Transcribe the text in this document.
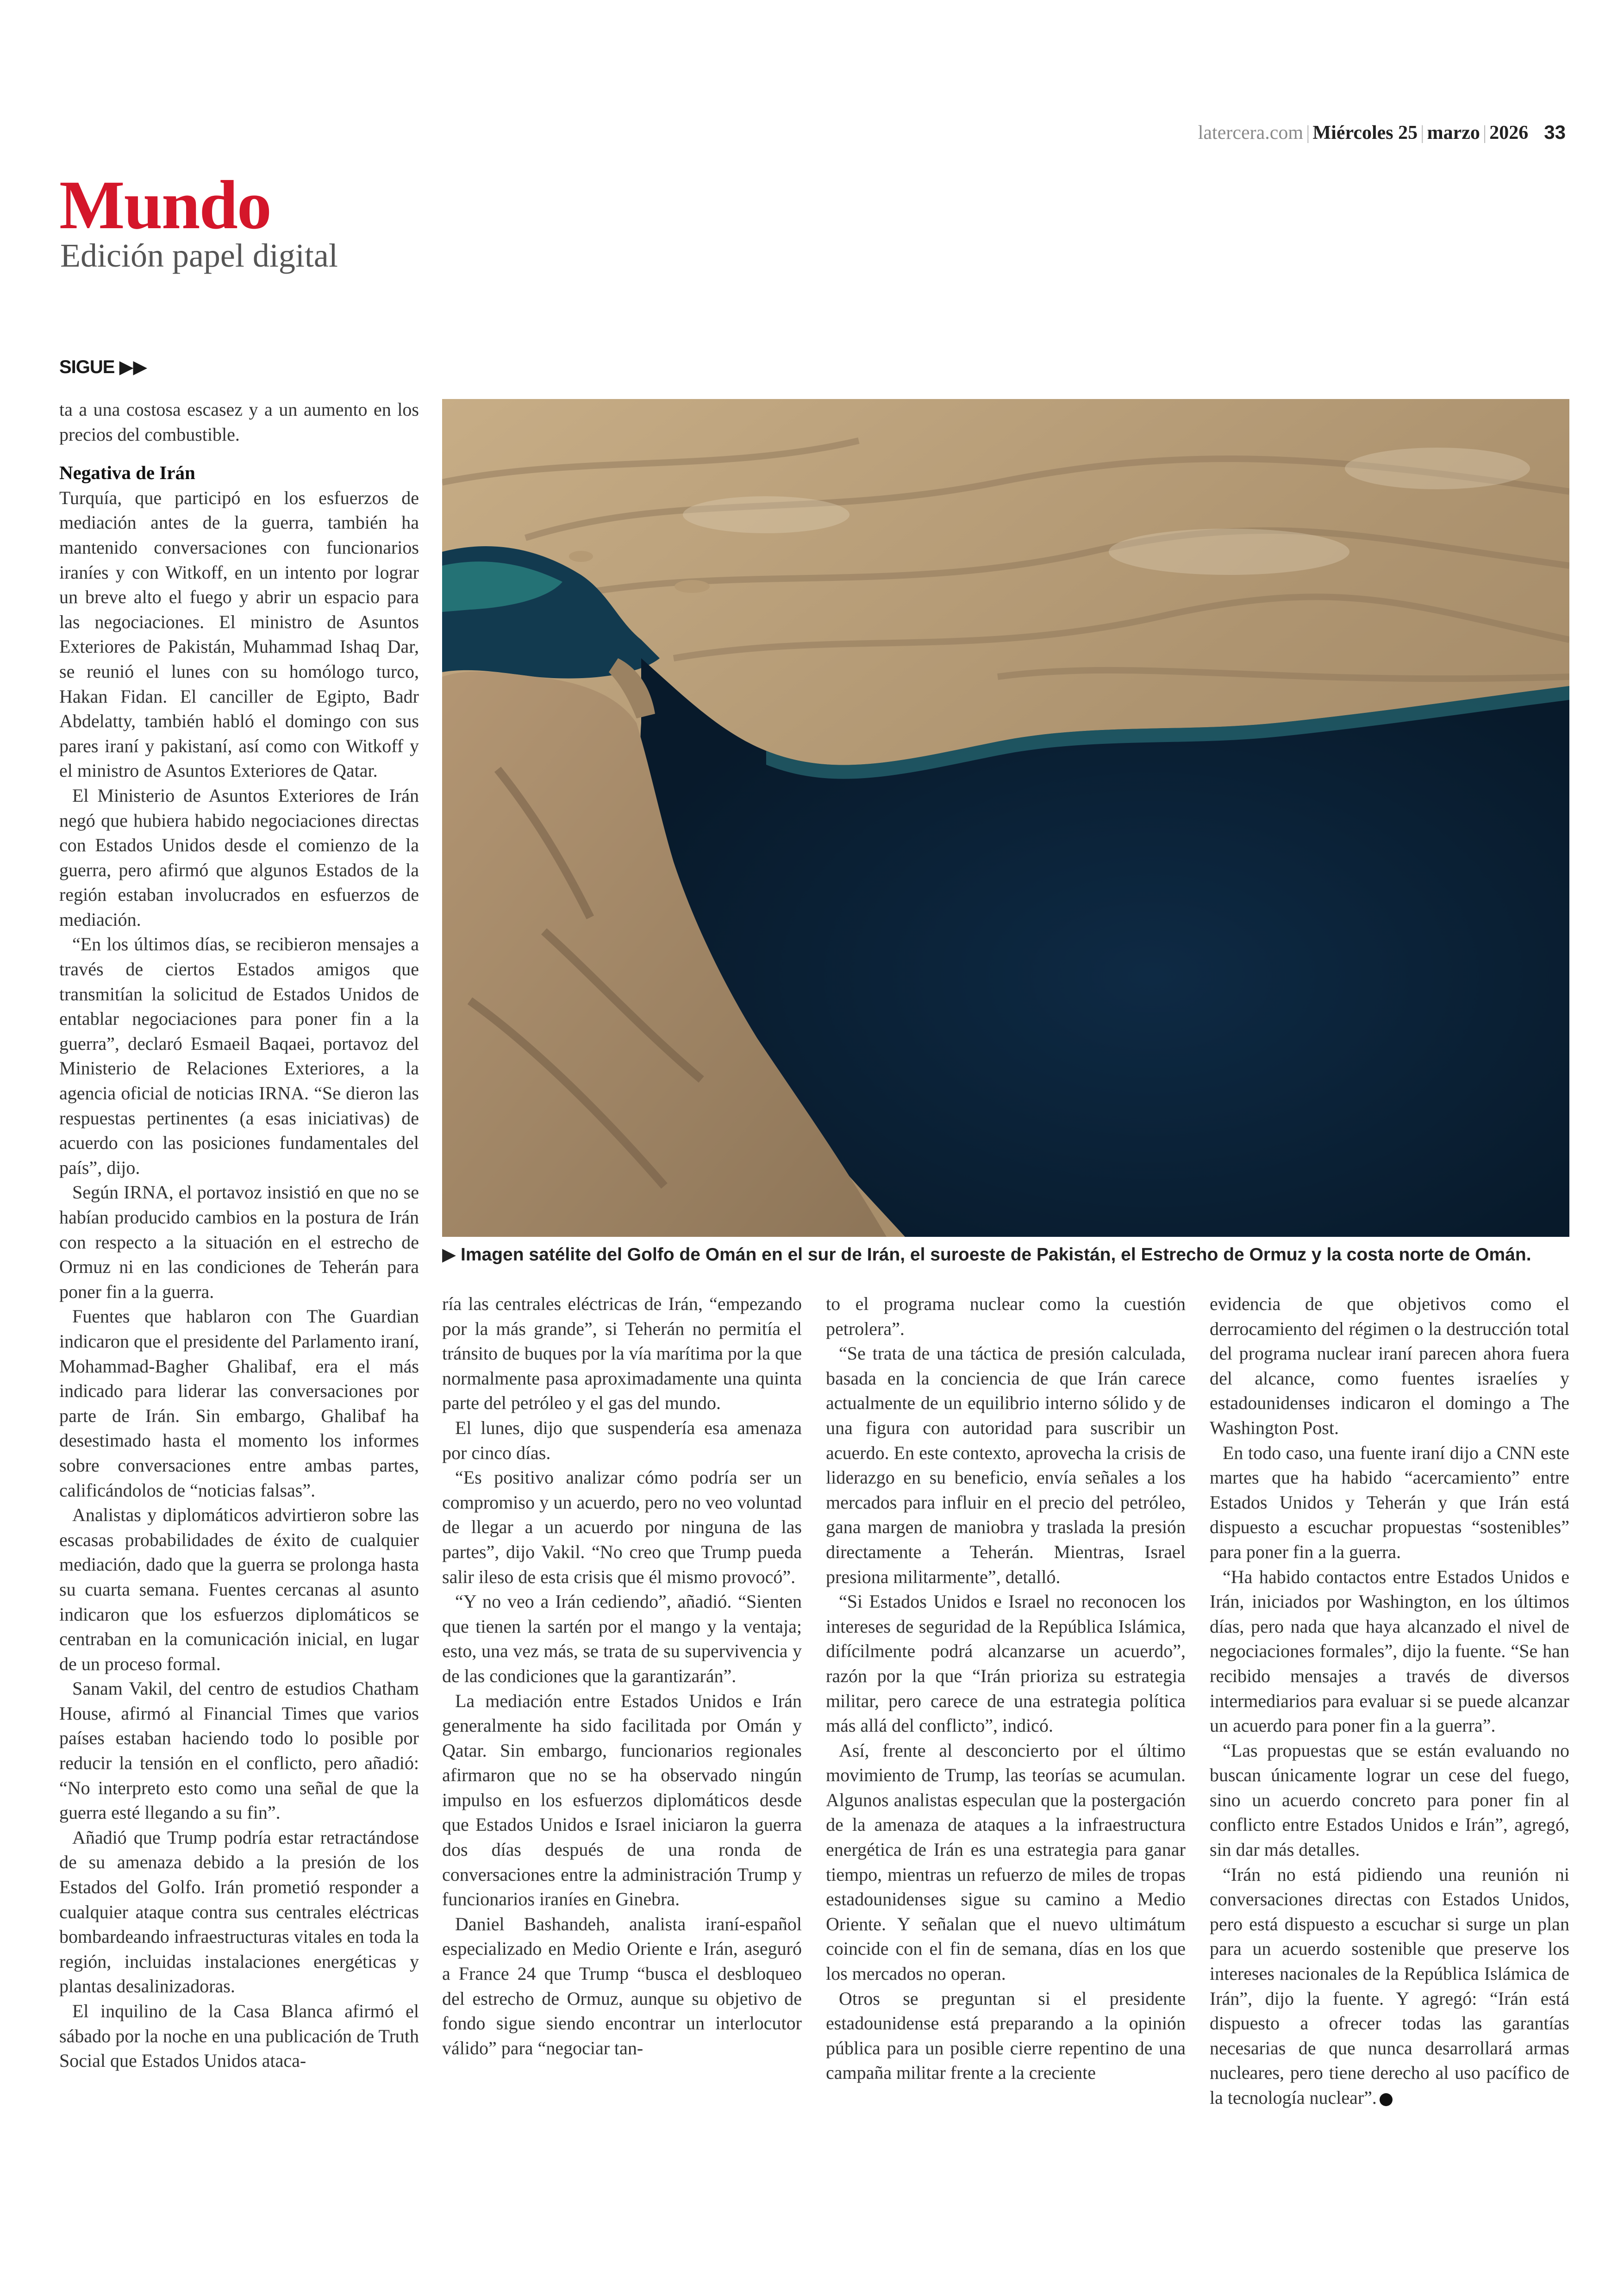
latercera.com | Miércoles 25 | marzo | 2026 33
Mundo
Edición papel digital
SIGUE ▶▶

ta a una costosa escasez y a un aumento en los precios del combustible.

Negativa de Irán

Turquía, que participó en los esfuerzos de mediación antes de la guerra, también ha mantenido conversaciones con funcionarios iraníes y con Witkoff, en un intento por lograr un breve alto el fuego y abrir un espacio para las negociaciones. El ministro de Asuntos Exteriores de Pakistán, Muhammad Ishaq Dar, se reunió el lunes con su homólogo turco, Hakan Fidan. El canciller de Egipto, Badr Abdelatty, también habló el domingo con sus pares iraní y pakistaní, así como con Witkoff y el ministro de Asuntos Exteriores de Qatar.

El Ministerio de Asuntos Exteriores de Irán negó que hubiera habido negociaciones directas con Estados Unidos desde el comienzo de la guerra, pero afirmó que algunos Estados de la región estaban involucrados en esfuerzos de mediación.

“En los últimos días, se recibieron mensajes a través de ciertos Estados amigos que transmitían la solicitud de Estados Unidos de entablar negociaciones para poner fin a la guerra”, declaró Esmaeil Baqaei, portavoz del Ministerio de Relaciones Exteriores, a la agencia oficial de noticias IRNA. “Se dieron las respuestas pertinentes (a esas iniciativas) de acuerdo con las posiciones fundamentales del país”, dijo.

Según IRNA, el portavoz insistió en que no se habían producido cambios en la postura de Irán con respecto a la situación en el estrecho de Ormuz ni en las condiciones de Teherán para poner fin a la guerra.

Fuentes que hablaron con The Guardian indicaron que el presidente del Parlamento iraní, Mohammad-Bagher Ghalibaf, era el más indicado para liderar las conversaciones por parte de Irán. Sin embargo, Ghalibaf ha desestimado hasta el momento los informes sobre conversaciones entre ambas partes, calificándolos de “noticias falsas”.

Analistas y diplomáticos advirtieron sobre las escasas probabilidades de éxito de cualquier mediación, dado que la guerra se prolonga hasta su cuarta semana. Fuentes cercanas al asunto indicaron que los esfuerzos diplomáticos se centraban en la comunicación inicial, en lugar de un proceso formal.

Sanam Vakil, del centro de estudios Chatham House, afirmó al Financial Times que varios países estaban haciendo todo lo posible por reducir la tensión en el conflicto, pero añadió: “No interpreto esto como una señal de que la guerra esté llegando a su fin”.

Añadió que Trump podría estar retractándose de su amenaza debido a la presión de los Estados del Golfo. Irán prometió responder a cualquier ataque contra sus centrales eléctricas bombardeando infraestructuras vitales en toda la región, incluidas instalaciones energéticas y plantas desalinizadoras.

El inquilino de la Casa Blanca afirmó el sábado por la noche en una publicación de Truth Social que Estados Unidos ataca-

▶ Imagen satélite del Golfo de Omán en el sur de Irán, el suroeste de Pakistán, el Estrecho de Ormuz y la costa norte de Omán.

ría las centrales eléctricas de Irán, “empezando por la más grande”, si Teherán no permitía el tránsito de buques por la vía marítima por la que normalmente pasa aproximadamente una quinta parte del petróleo y el gas del mundo.

El lunes, dijo que suspendería esa amenaza por cinco días.

“Es positivo analizar cómo podría ser un compromiso y un acuerdo, pero no veo voluntad de llegar a un acuerdo por ninguna de las partes”, dijo Vakil. “No creo que Trump pueda salir ileso de esta crisis que él mismo provocó”.

“Y no veo a Irán cediendo”, añadió. “Sienten que tienen la sartén por el mango y la ventaja; esto, una vez más, se trata de su supervivencia y de las condiciones que la garantizarán”.

La mediación entre Estados Unidos e Irán generalmente ha sido facilitada por Omán y Qatar. Sin embargo, funcionarios regionales afirmaron que no se ha observado ningún impulso en los esfuerzos diplomáticos desde que Estados Unidos e Israel iniciaron la guerra dos días después de una ronda de conversaciones entre la administración Trump y funcionarios iraníes en Ginebra.

Daniel Bashandeh, analista iraní-español especializado en Medio Oriente e Irán, aseguró a France 24 que Trump “busca el desbloqueo del estrecho de Ormuz, aunque su objetivo de fondo sigue siendo encontrar un interlocutor válido” para “negociar tan-

to el programa nuclear como la cuestión petrolera”.

“Se trata de una táctica de presión calculada, basada en la conciencia de que Irán carece actualmente de un equilibrio interno sólido y de una figura con autoridad para suscribir un acuerdo. En este contexto, aprovecha la crisis de liderazgo en su beneficio, envía señales a los mercados para influir en el precio del petróleo, gana margen de maniobra y traslada la presión directamente a Teherán. Mientras, Israel presiona militarmente”, detalló.

“Si Estados Unidos e Israel no reconocen los intereses de seguridad de la República Islámica, difícilmente podrá alcanzarse un acuerdo”, razón por la que “Irán prioriza su estrategia militar, pero carece de una estrategia política más allá del conflicto”, indicó.

Así, frente al desconcierto por el último movimiento de Trump, las teorías se acumulan. Algunos analistas especulan que la postergación de la amenaza de ataques a la infraestructura energética de Irán es una estrategia para ganar tiempo, mientras un refuerzo de miles de tropas estadounidenses sigue su camino a Medio Oriente. Y señalan que el nuevo ultimátum coincide con el fin de semana, días en los que los mercados no operan.

Otros se preguntan si el presidente estadounidense está preparando a la opinión pública para un posible cierre repentino de una campaña militar frente a la creciente

evidencia de que objetivos como el derrocamiento del régimen o la destrucción total del programa nuclear iraní parecen ahora fuera del alcance, como fuentes israelíes y estadounidenses indicaron el domingo a The Washington Post.

En todo caso, una fuente iraní dijo a CNN este martes que ha habido “acercamiento” entre Estados Unidos y Teherán y que Irán está dispuesto a escuchar propuestas “sostenibles” para poner fin a la guerra.

“Ha habido contactos entre Estados Unidos e Irán, iniciados por Washington, en los últimos días, pero nada que haya alcanzado el nivel de negociaciones formales”, dijo la fuente. “Se han recibido mensajes a través de diversos intermediarios para evaluar si se puede alcanzar un acuerdo para poner fin a la guerra”.

“Las propuestas que se están evaluando no buscan únicamente lograr un cese del fuego, sino un acuerdo concreto para poner fin al conflicto entre Estados Unidos e Irán”, agregó, sin dar más detalles.

“Irán no está pidiendo una reunión ni conversaciones directas con Estados Unidos, pero está dispuesto a escuchar si surge un plan para un acuerdo sostenible que preserve los intereses nacionales de la República Islámica de Irán”, dijo la fuente. Y agregó: “Irán está dispuesto a ofrecer todas las garantías necesarias de que nunca desarrollará armas nucleares, pero tiene derecho al uso pacífico de la tecnología nuclear”.
